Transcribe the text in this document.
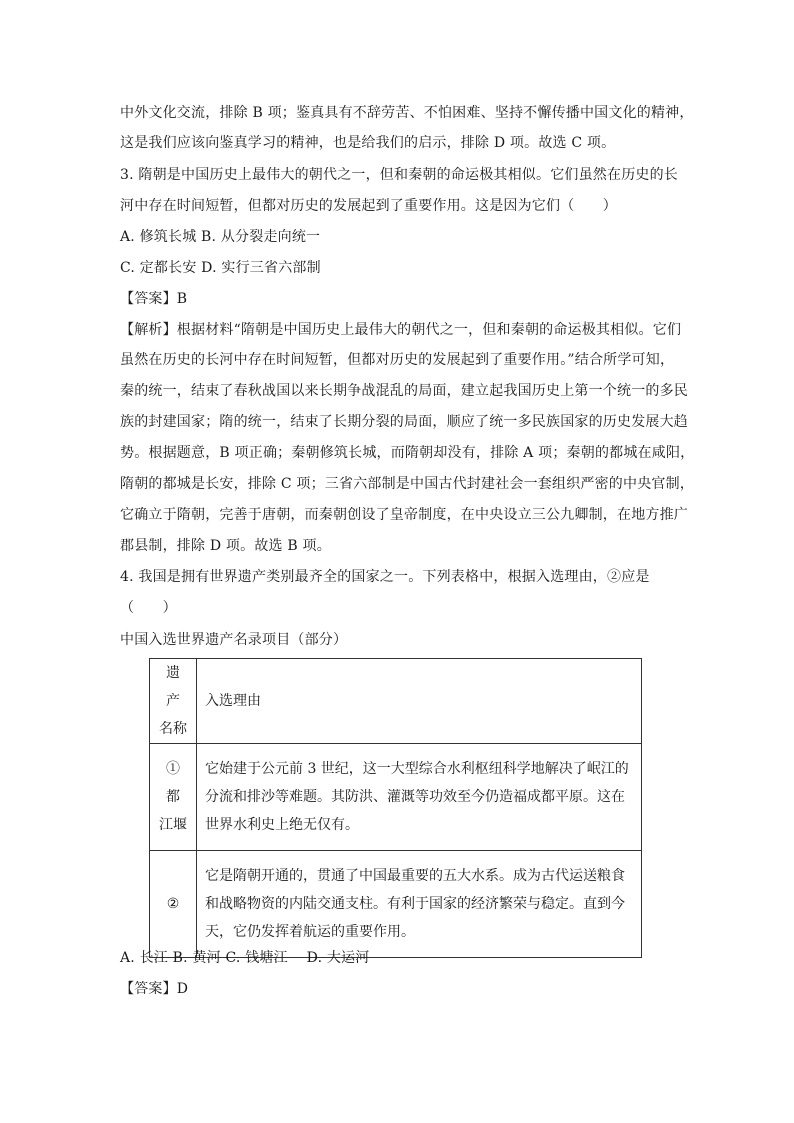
中外文化交流，排除 B 项；鉴真具有不辞劳苦、不怕困难、坚持不懈传播中国文化的精神，
这是我们应该向鉴真学习的精神，也是给我们的启示，排除 D 项。故选 C 项。
3. 隋朝是中国历史上最伟大的朝代之一，但和秦朝的命运极其相似。它们虽然在历史的长
河中存在时间短暂，但都对历史的发展起到了重要作用。这是因为它们（　　）
A. 修筑长城 B. 从分裂走向统一
C. 定都长安 D. 实行三省六部制
【答案】B
【解析】根据材料“隋朝是中国历史上最伟大的朝代之一，但和秦朝的命运极其相似。它们
虽然在历史的长河中存在时间短暂，但都对历史的发展起到了重要作用。”结合所学可知，
秦的统一，结束了春秋战国以来长期争战混乱的局面，建立起我国历史上第一个统一的多民
族的封建国家；隋的统一，结束了长期分裂的局面，顺应了统一多民族国家的历史发展大趋
势。根据题意，B 项正确；秦朝修筑长城，而隋朝却没有，排除 A 项；秦朝的都城在咸阳，
隋朝的都城是长安，排除 C 项；三省六部制是中国古代封建社会一套组织严密的中央官制，
它确立于隋朝，完善于唐朝，而秦朝创设了皇帝制度，在中央设立三公九卿制，在地方推广
郡县制，排除 D 项。故选 B 项。
4. 我国是拥有世界遗产类别最齐全的国家之一。下列表格中，根据入选理由，②应是
（　　）
中国入选世界遗产名录项目（部分）
遗 产 名称	入选理由
① 都 江堰	它始建于公元前 3 世纪，这一大型综合水利枢纽科学地解决了岷江的分流和排沙等难题。其防洪、灌溉等功效至今仍造福成都平原。这在世界水利史上绝无仅有。
②	它是隋朝开通的，贯通了中国最重要的五大水系。成为古代运送粮食和战略物资的内陆交通支柱。有利于国家的经济繁荣与稳定。直到今天，它仍发挥着航运的重要作用。
A. 长江 B. 黄河 C. 钱塘江 　D. 大运河
【答案】D
